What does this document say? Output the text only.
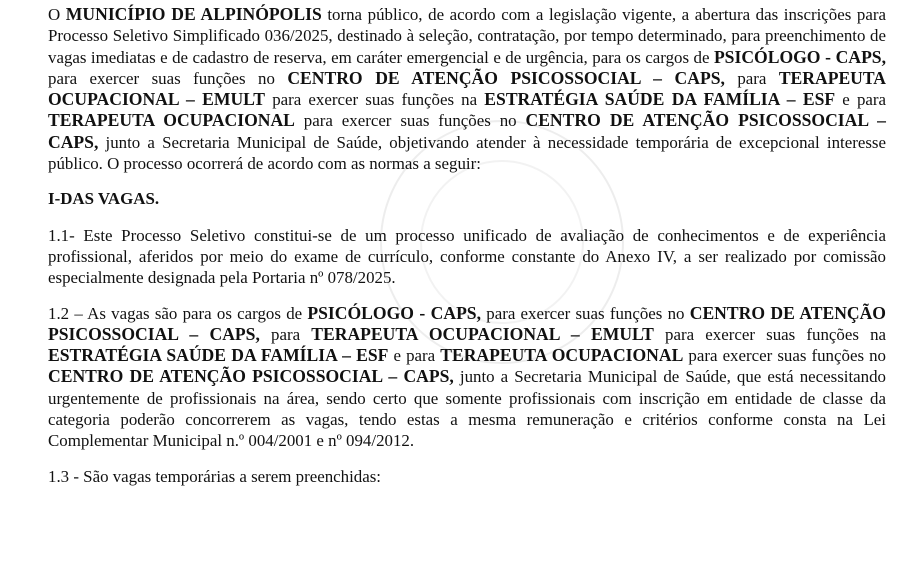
O MUNICÍPIO DE ALPINÓPOLIS torna público, de acordo com a legislação vigente, a abertura das inscrições para Processo Seletivo Simplificado 036/2025, destinado à seleção, contratação, por tempo determinado, para preenchimento de vagas imediatas e de cadastro de reserva, em caráter emergencial e de urgência, para os cargos de PSICÓLOGO - CAPS, para exercer suas funções no CENTRO DE ATENÇÃO PSICOSSOCIAL – CAPS, para TERAPEUTA OCUPACIONAL – EMULT para exercer suas funções na ESTRATÉGIA SAÚDE DA FAMÍLIA – ESF e para TERAPEUTA OCUPACIONAL para exercer suas funções no CENTRO DE ATENÇÃO PSICOSSOCIAL – CAPS, junto a Secretaria Municipal de Saúde, objetivando atender à necessidade temporária de excepcional interesse público. O processo ocorrerá de acordo com as normas a seguir:

I-DAS VAGAS.

1.1- Este Processo Seletivo constitui-se de um processo unificado de avaliação de conhecimentos e de experiência profissional, aferidos por meio do exame de currículo, conforme constante do Anexo IV, a ser realizado por comissão especialmente designada pela Portaria nº 078/2025.

1.2 – As vagas são para os cargos de PSICÓLOGO - CAPS, para exercer suas funções no CENTRO DE ATENÇÃO PSICOSSOCIAL – CAPS, para TERAPEUTA OCUPACIONAL – EMULT para exercer suas funções na ESTRATÉGIA SAÚDE DA FAMÍLIA – ESF e para TERAPEUTA OCUPACIONAL para exercer suas funções no CENTRO DE ATENÇÃO PSICOSSOCIAL – CAPS, junto a Secretaria Municipal de Saúde, que está necessitando urgentemente de profissionais na área, sendo certo que somente profissionais com inscrição em entidade de classe da categoria poderão concorrerem as vagas, tendo estas a mesma remuneração e critérios conforme consta na Lei Complementar Municipal n.º 004/2001 e nº 094/2012.

1.3 - São vagas temporárias a serem preenchidas:
